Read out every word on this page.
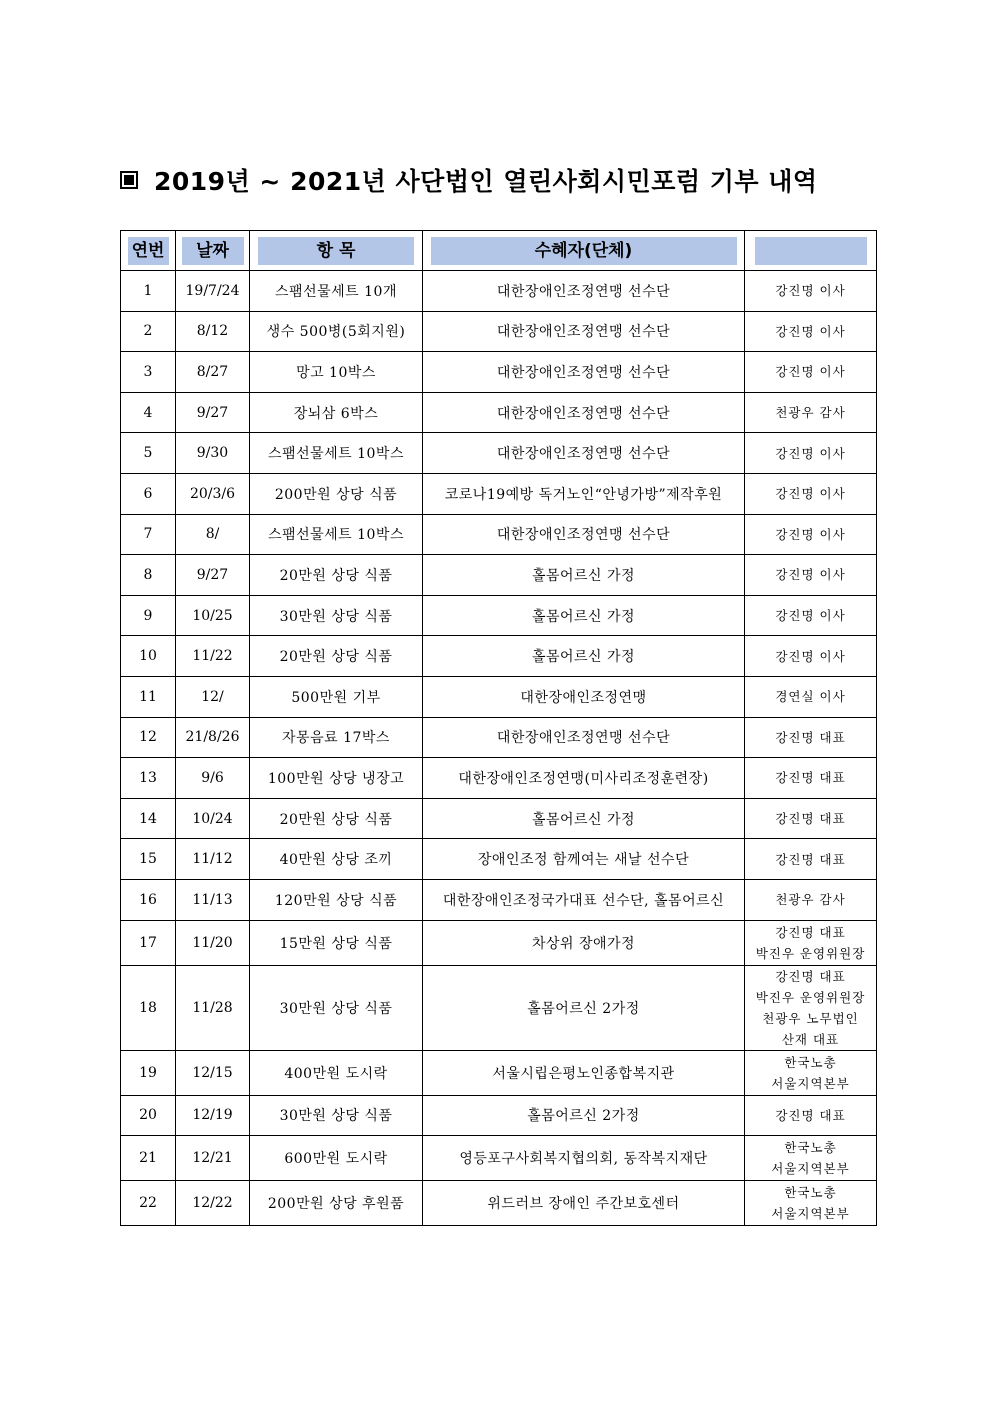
2019년 ~ 2021년 사단법인 열린사회시민포럼 기부 내역
연번	날짜	항 목	수혜자(단체)	

1	19/7/24	스팸선물세트 10개	대한장애인조정연맹 선수단	강진명 이사

2	8/12	생수 500병(5회지원)	대한장애인조정연맹 선수단	강진명 이사

3	8/27	망고 10박스	대한장애인조정연맹 선수단	강진명 이사

4	9/27	장뇌삼 6박스	대한장애인조정연맹 선수단	천광우 감사

5	9/30	스팸선물세트 10박스	대한장애인조정연맹 선수단	강진명 이사

6	20/3/6	200만원 상당 식품	코로나19예방 독거노인“안녕가방”제작후원	강진명 이사

7	8/	스팸선물세트 10박스	대한장애인조정연맹 선수단	강진명 이사

8	9/27	20만원 상당 식품	홀몸어르신 가정	강진명 이사

9	10/25	30만원 상당 식품	홀몸어르신 가정	강진명 이사

10	11/22	20만원 상당 식품	홀몸어르신 가정	강진명 이사

11	12/	500만원 기부	대한장애인조정연맹	경연실 이사

12	21/8/26	자몽음료 17박스	대한장애인조정연맹 선수단	강진명 대표

13	9/6	100만원 상당 냉장고	대한장애인조정연맹(미사리조정훈련장)	강진명 대표

14	10/24	20만원 상당 식품	홀몸어르신 가정	강진명 대표

15	11/12	40만원 상당 조끼	장애인조정 함께여는 새날 선수단	강진명 대표

16	11/13	120만원 상당 식품	대한장애인조정국가대표 선수단, 홀몸어르신	천광우 감사

17	11/20	15만원 상당 식품	차상위 장애가정	강진명 대표
박진우 운영위원장

18	11/28	30만원 상당 식품	홀몸어르신 2가정	강진명 대표
박진우 운영위원장
천광우 노무법인
산재 대표

19	12/15	400만원 도시락	서울시립은평노인종합복지관	한국노총
서울지역본부

20	12/19	30만원 상당 식품	홀몸어르신 2가정	강진명 대표

21	12/21	600만원 도시락	영등포구사회복지협의회, 동작복지재단	한국노총
서울지역본부

22	12/22	200만원 상당 후원품	위드러브 장애인 주간보호센터	한국노총
서울지역본부
